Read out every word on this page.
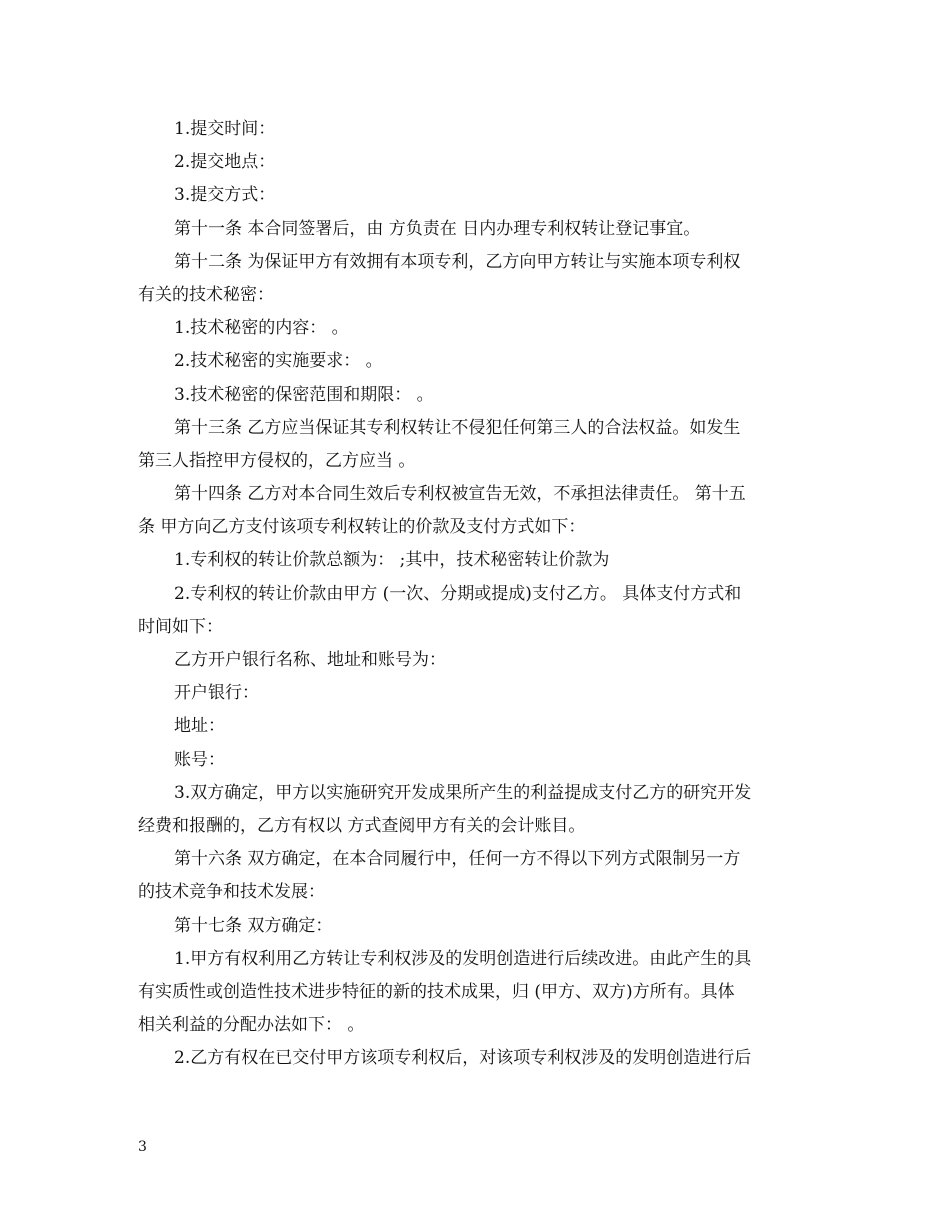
1.提交时间：
2.提交地点：
3.提交方式：
第十一条 本合同签署后，由 方负责在 日内办理专利权转让登记事宜。
第十二条 为保证甲方有效拥有本项专利，乙方向甲方转让与实施本项专利权
有关的技术秘密：
1.技术秘密的内容： 。
2.技术秘密的实施要求： 。
3.技术秘密的保密范围和期限： 。
第十三条 乙方应当保证其专利权转让不侵犯任何第三人的合法权益。如发生
第三人指控甲方侵权的，乙方应当 。
第十四条 乙方对本合同生效后专利权被宣告无效，不承担法律责任。 第十五
条 甲方向乙方支付该项专利权转让的价款及支付方式如下：
1.专利权的转让价款总额为： ;其中，技术秘密转让价款为
2.专利权的转让价款由甲方 (一次、分期或提成)支付乙方。 具体支付方式和
时间如下：
乙方开户银行名称、地址和账号为：
开户银行：
地址：
账号：
3.双方确定，甲方以实施研究开发成果所产生的利益提成支付乙方的研究开发
经费和报酬的，乙方有权以 方式查阅甲方有关的会计账目。
第十六条 双方确定，在本合同履行中，任何一方不得以下列方式限制另一方
的技术竞争和技术发展：
第十七条 双方确定：
1.甲方有权利用乙方转让专利权涉及的发明创造进行后续改进。由此产生的具
有实质性或创造性技术进步特征的新的技术成果，归 (甲方、双方)方所有。具体
相关利益的分配办法如下： 。
2.乙方有权在已交付甲方该项专利权后，对该项专利权涉及的发明创造进行后
3
